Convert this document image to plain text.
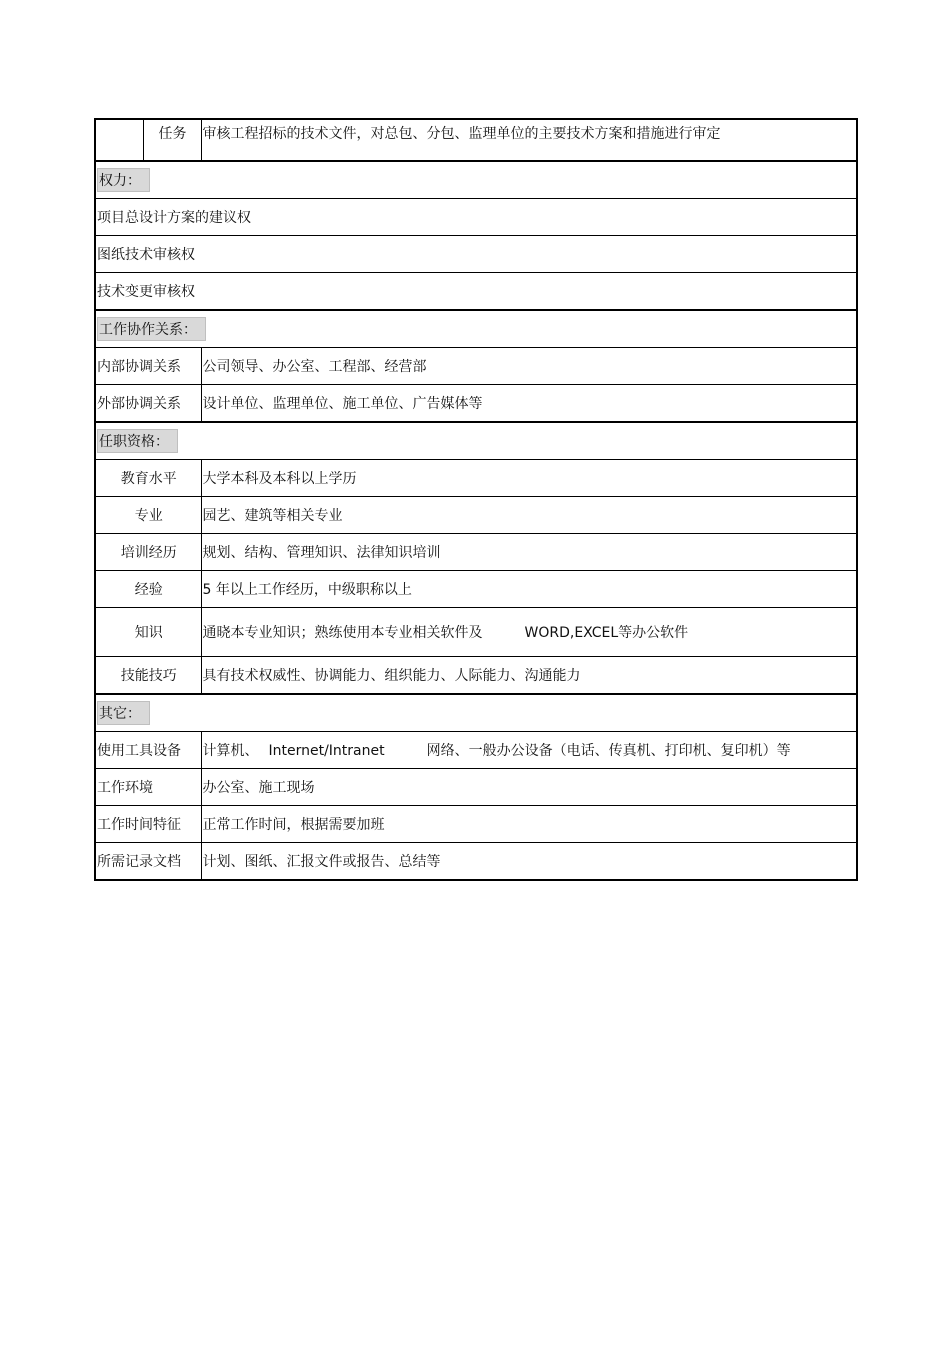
	任务	审核工程招标的技术文件，对总包、分包、监理单位的主要技术方案和措施进行审定
权力：		
项目总设计方案的建议权		
图纸技术审核权		
技术变更审核权		
工作协作关系：		
内部协调关系		公司领导、办公室、工程部、经营部
外部协调关系		设计单位、监理单位、施工单位、广告媒体等
任职资格：		
教育水平		大学本科及本科以上学历
专业		园艺、建筑等相关专业
培训经历		规划、结构、管理知识、法律知识培训
经验		5 年以上工作经历，中级职称以上
知识		通晓本专业知识；熟练使用本专业相关软件及 WORD,EXCEL等办公软件
技能技巧		具有技术权威性、协调能力、组织能力、人际能力、沟通能力
其它：		
使用工具设备		计算机、 Internet/Intranet 网络、一般办公设备（电话、传真机、打印机、复印机）等
工作环境		办公室、施工现场
工作时间特征		正常工作时间，根据需要加班
所需记录文档		计划、图纸、汇报文件或报告、总结等
